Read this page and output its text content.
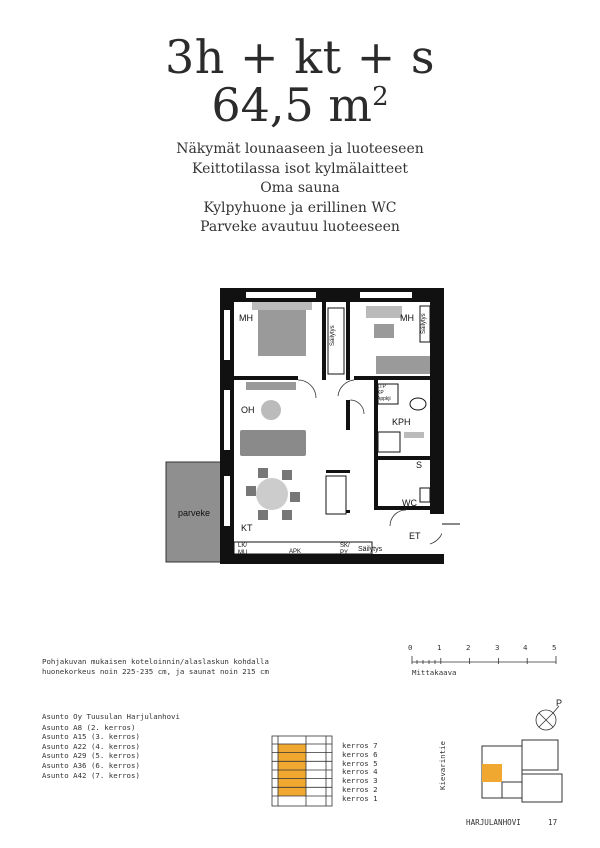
3h + kt + s
64,5 $m^2$
Näkymät lounaaseen ja luoteeseen
Keittotilassa isot kylmälaitteet
Oma sauna
Kylpyhuone ja erillinen WC
Parveke avautuu luoteeseen
MH	MH
OH
KT
KPH
S
WC
ET
parveke
Säilytys
Säilytys
Säilytys
APK
SK/
PY
LK/
MU
LTP
KP
Appkji
Pohjakuvan mukaisen koteloinnin/alaslaskun kohdalla
huonekorkeus noin 225-235 cm, ja saunat noin 215 cm
0	1	2	3	4	5
Mittakaava
P
Asunto Oy Tuusulan Harjulanhovi
Asunto A8 (2. kerros)
Asunto A15 (3. kerros)
Asunto A22 (4. kerros)
Asunto A29 (5. kerros)
Asunto A36 (6. kerros)
Asunto A42 (7. kerros)
kerros 7
kerros 6
kerros 5
kerros 4
kerros 3
kerros 2
kerros 1
Kievarintie
HARJULANHOVI	17
